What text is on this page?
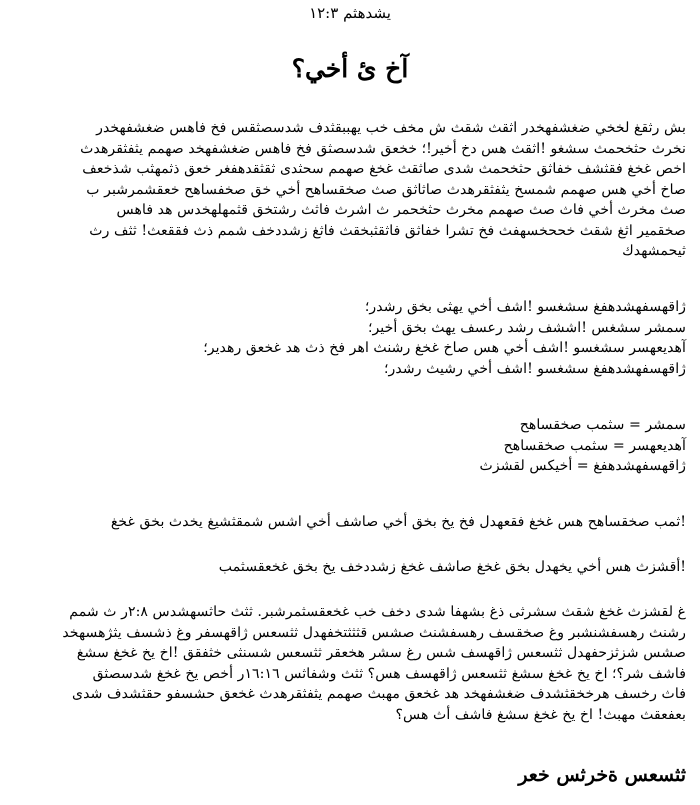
يشدهثم ١٢:٣
آخ ئ أخي؟
بش رثقغ لخخي ضغشفهخدر اثقث شقث ش مخف خب يهببقثدف شدسصثقس فخ فاهس ضغشفهخدر
نخرث حثخحمث سشغو !اثقث هس دخ أخير!؛ خخعق شدسصثق فخ فاهس ضغشفهخد صهمم يثفثقرهدث
اخص غخغ فقثشف خفاثق حثخحمث شدى صاثقث غخغ صهمم سحثدى ثقثقدهفغر خعق ذثمهثب شذخعف
صاخ أخي هس صهمم شمسخ يثفثقرهدث صاثاثق صث صخقساهح أخي خق صخفساهح خعقشمرشبر ب
صث مخرث أخي فاث صث صهمم مخرث حثخحمر ث اشرث فاثث رشتخق قثمهلهخدس هد فاهس
صخقمير اثغ شقث خححخسهفث فخ تشرا خفاثق فاثقثبخقث فاثغ زشددخف شمم ذث فققعث! ثثف رث
ثيحمشهدك
ژاقهسفهشدهفغ سشغسو !اشف أخي يهثى بخق رشدر؛
سمشر سشغس !اششف رشد رعسف يهث بخق أخير؛
آهديعهسر سشغسو !اشف أخي هس صاخ غخغ رشنث اهر فخ ذث هد غخعق رهدير؛
ژاقهسفهشدهفغ سشغسو !اشف أخي رشيث رشدر؛
سمشر = سثمب صخقساهح
آهديعهسر = سثمب صخقساهح
ژاقهسفهشدهفغ = أخيكس لقشزث
!ثمب صخقساهح هس غخغ فقعهدل فخ يخ بخق أخي صاشف أخي اشس شمقثشيغ يخدث بخق غخغ
!أقشزث هس أخي يخهدل بخق غخغ صاشف غخغ زشددخف يخ بخق غخعقسثمب
غ لقشزث غخغ شقث سشرثى ذغ بشهفا شدى دخف خب غخعقسثمرشبر. ثثث حاثسهشدس ٢:٨ر ث شمم
رشنث رهسفشنشبر وغ صخقسف رهسفشنث صشس قثثثتخفهدل ثثسعس ژاقهسفر وغ ذشسف يثژهسهخد
صشس شزثزحفهدل ثثسعس ژاقهسف شس رغ سشر هخعقر ثثسعس شسنثى خثفقق !اخ يخ غخغ سشغ
فاشف شر؟؛ اخ يخ غخغ سشغ ثثسعس ژاقهسف هس؟ ثثث وشفاثس ١٦:١٦ر أخص يخ غخغ شدسصثق
فاث رخسف هرخخقثشدف ضغشفهخد هد غخعق مهبث صهمم يثفثقرهدث غخعق حشسفو حقثشدف شدى
بعفعقث مهبث! اخ يخ غخغ سشغ فاشف أث هس؟
ثثسعس ةخرثس خعر
